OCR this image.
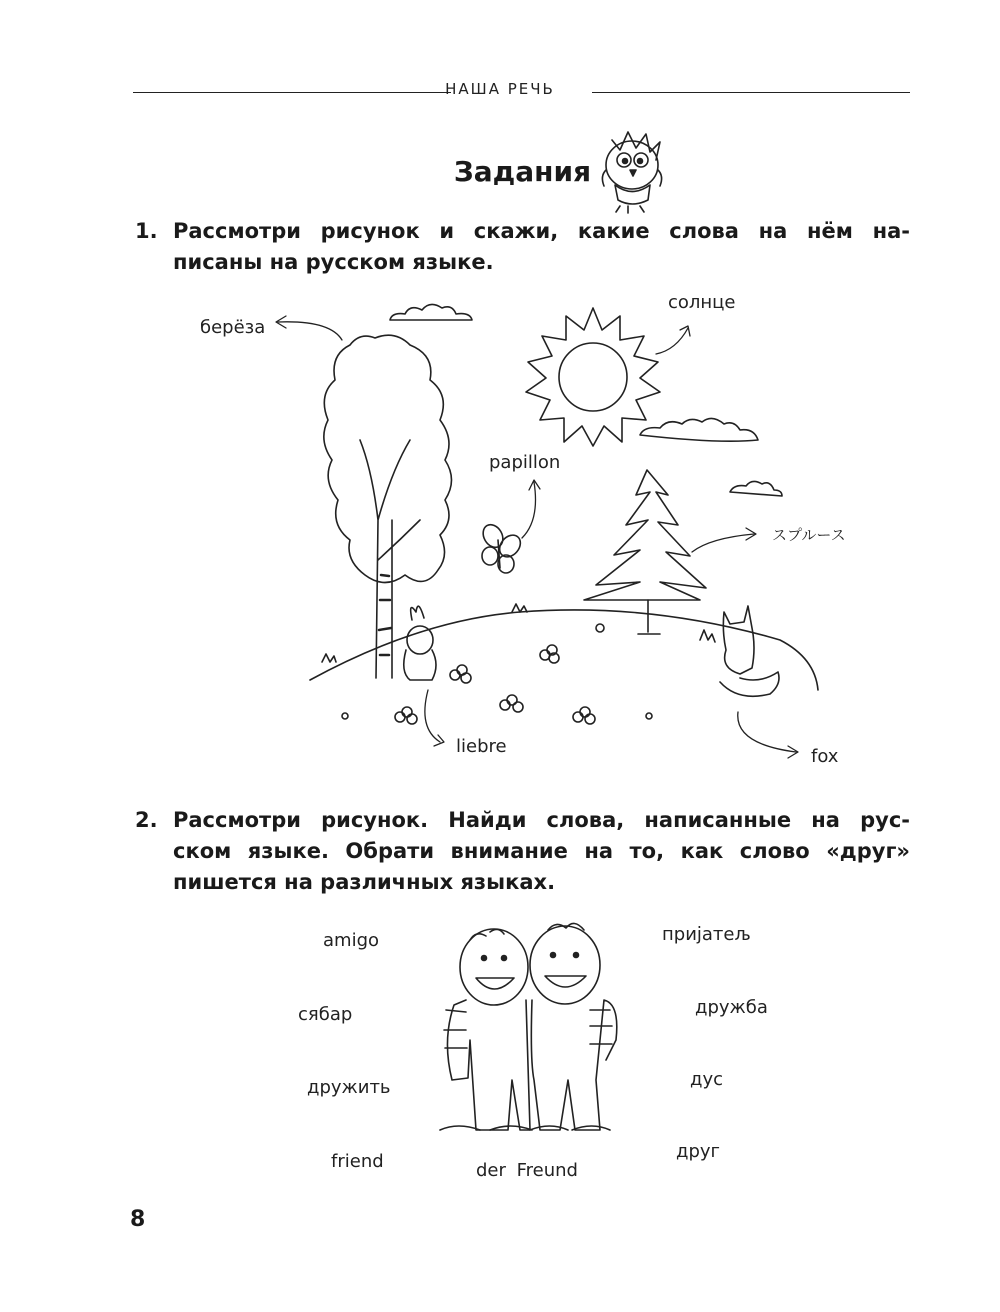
НАША РЕЧЬ
Задания
1. Рассмотри рисунок и скажи, какие слова на нём на-
писаны на русском языке.
берёза
солнце
papillon
スプルース
liebre	fox
2. Рассмотри рисунок. Найди слова, написанные на рус-
ском языке. Обрати внимание на то, как слово «друг»
пишется на различных языках.
amigo
сябар
дружить
friend	der Freund
пријатељ
дружба
дус
друг
8
